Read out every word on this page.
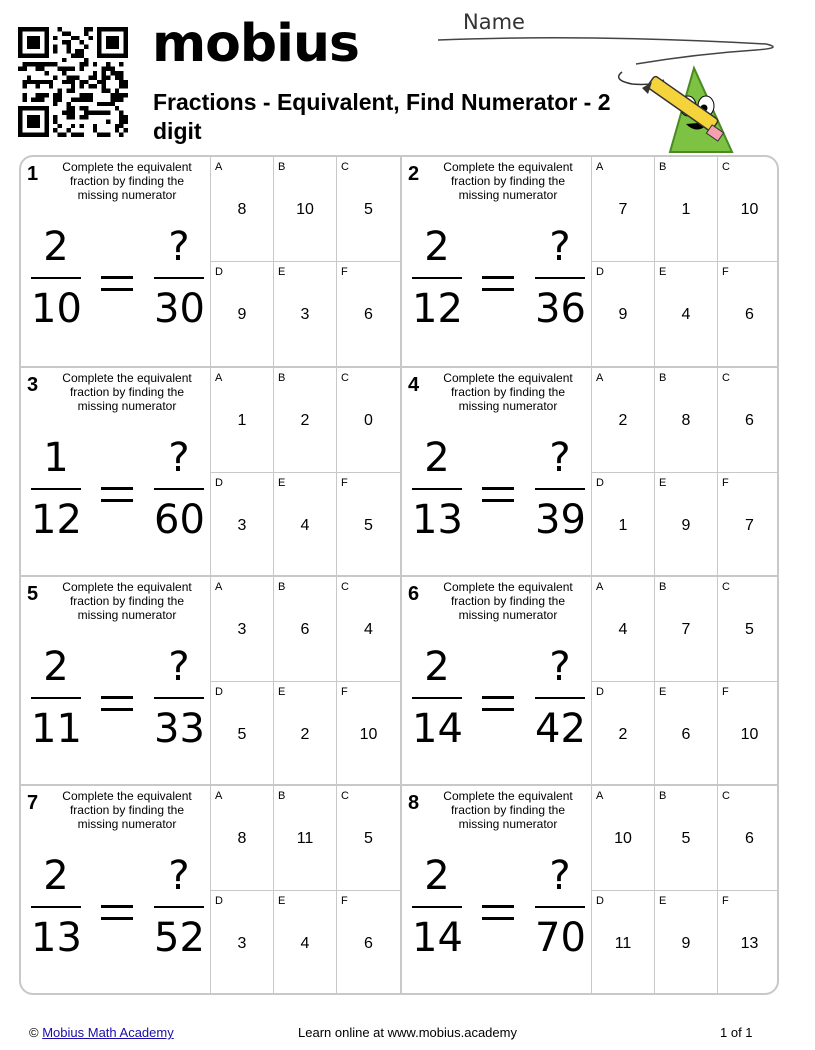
mobius
Fractions - Equivalent, Find Numerator - 2 digit
Name
1	Complete the equivalent fraction by finding the missing numerator
2
10
?
30
A
8
B
10
C
5
D
9
E
3
F
6
2	Complete the equivalent fraction by finding the missing numerator
2
12
?
36
A
7
B
1
C
10
D
9
E
4
F
6
3	Complete the equivalent fraction by finding the missing numerator
1
12
?
60
A
1
B
2
C
0
D
3
E
4
F
5
4	Complete the equivalent fraction by finding the missing numerator
2
13
?
39
A
2
B
8
C
6
D
1
E
9
F
7
5	Complete the equivalent fraction by finding the missing numerator
2
11
?
33
A
3
B
6
C
4
D
5
E
2
F
10
6	Complete the equivalent fraction by finding the missing numerator
2
14
?
42
A
4
B
7
C
5
D
2
E
6
F
10
7	Complete the equivalent fraction by finding the missing numerator
2
13
?
52
A
8
B
11
C
5
D
3
E
4
F
6
8	Complete the equivalent fraction by finding the missing numerator
2
14
?
70
A
10
B
5
C
6
D
11
E
9
F
13
© Mobius Math Academy	Learn online at www.mobius.academy	1 of 1
